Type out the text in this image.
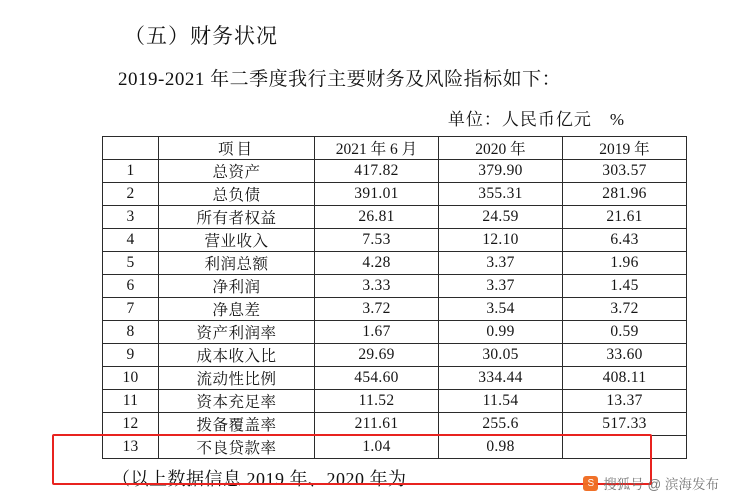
（五）财务状况
2019-2021 年二季度我行主要财务及风险指标如下：
单位：人民币亿元　%
	项目	2021 年 6 月	2020 年	2019 年
1	总资产	417.82	379.90	303.57
2	总负债	391.01	355.31	281.96
3	所有者权益	26.81	24.59	21.61
4	营业收入	7.53	12.10	6.43
5	利润总额	4.28	3.37	1.96
6	净利润	3.33	3.37	1.45
7	净息差	3.72	3.54	3.72
8	资产利润率	1.67	0.99	0.59
9	成本收入比	29.69	30.05	33.60
10	流动性比例	454.60	334.44	408.11
11	资本充足率	11.52	11.54	13.37
12	拨备覆盖率	211.61	255.6	517.33
13	不良贷款率	1.04	0.98	
（以上数据信息 2019 年、2020 年为	S 搜狐号 @ 滨海发布
